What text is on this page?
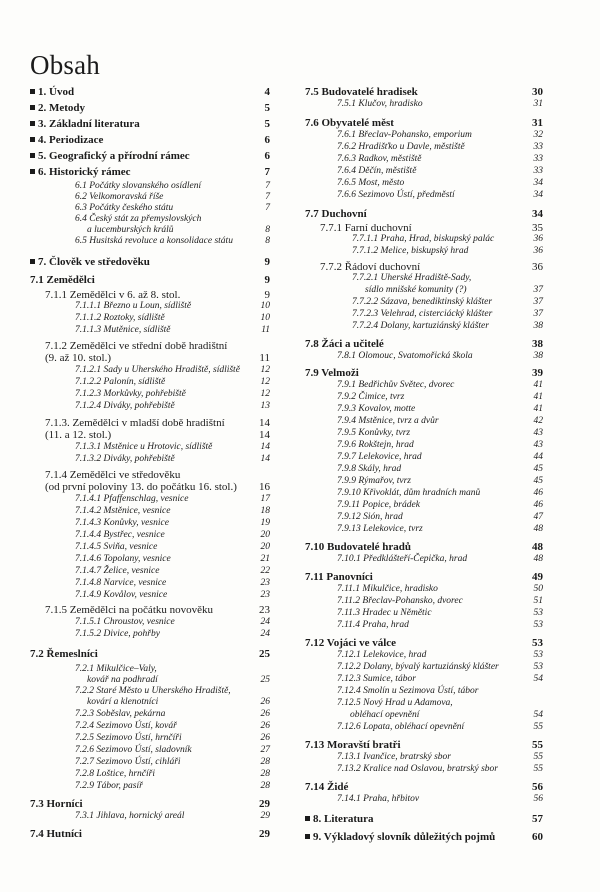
Obsah
1. Úvod	4
2. Metody	5
3. Základní literatura	5
4. Periodizace	6
5. Geografický a přírodní rámec	6
6. Historický rámec	7
6.1 Počátky slovanského osídlení	7
6.2 Velkomoravská říše	7
6.3 Počátky českého státu	7
6.4 Český stát za přemyslovských
a lucemburských králů	8
6.5 Husitská revoluce a konsolidace státu	8
7. Člověk ve středověku	9
7.1 Zemědělci	9
7.1.1 Zemědělci v 6. až 8. stol.	9
7.1.1.1 Březno u Loun, sídliště	10
7.1.1.2 Roztoky, sídliště	10
7.1.1.3 Mutěnice, sídliště	11
7.1.2 Zemědělci ve střední době hradištní
(9. až 10. stol.)	11
7.1.2.1 Sady u Uherského Hradiště, sídliště 12
7.1.2.2 Palonín, sídliště	12
7.1.2.3 Morkůvky, pohřebiště	12
7.1.2.4 Diváky, pohřebiště	13
7.1.3. Zemědělci v mladší době hradištní	14
(11. a 12. stol.)	14
7.1.3.1 Mstěnice u Hrotovic, sídliště	14
7.1.3.2 Diváky, pohřebiště	14
7.1.4 Zemědělci ve středověku
(od první poloviny 13. do počátku 16. stol.) 16
7.1.4.1 Pfaffenschlag, vesnice	17
7.1.4.2 Mstěnice, vesnice	18
7.1.4.3 Konůvky, vesnice	19
7.1.4.4 Bystřec, vesnice	20
7.1.4.5 Sviňa, vesnice	20
7.1.4.6 Topolany, vesnice	21
7.1.4.7 Želice, vesnice	22
7.1.4.8 Narvice, vesnice	23
7.1.4.9 Kovålov, vesnice	23
7.1.5 Zemědělci na počátku novověku	23
7.1.5.1 Chroustov, vesnice	24
7.1.5.2 Divice, pohřby	24
7.2 Řemeslníci	25
7.2.1 Mikulčice–Valy,
kovář na podhradí	25
7.2.2 Staré Město u Uherského Hradiště,
kovárí a klenotníci	26
7.2.3 Soběslav, pekárna	26
7.2.4 Sezimovo Ústí, kovář	26
7.2.5 Sezimovo Ústí, hrnčíři	26
7.2.6 Sezimovo Ústí, sladovník	27
7.2.7 Sezimovo Ústí, cihláři	28
7.2.8 Loštice, hrnčíři	28
7.2.9 Tábor, pasíř	28
7.3 Horníci	29
7.3.1 Jihlava, hornický areál	29
7.4 Hutníci	29
7.5 Budovatelé hradisek	30
7.5.1 Klučov, hradisko	31
7.6 Obyvatelé měst	31
7.6.1 Břeclav-Pohansko, emporium	32
7.6.2 Hradišťko u Davle, městiště	33
7.6.3 Radkov, městiště	33
7.6.4 Děčín, městiště	33
7.6.5 Most, město	34
7.6.6 Sezimovo Ústí, předměstí	34
7.7 Duchovní	34
7.7.1 Farní duchovní	35
7.7.1.1 Praha, Hrad, biskupský palác	36
7.7.1.2 Melice, biskupský hrad	36
7.7.2 Řádoví duchovní	36
7.7.2.1 Uherské Hradiště-Sady,
sídlo mnišské komunity (?)	37
7.7.2.2 Sázava, benediktinský klášter	37
7.7.2.3 Velehrad, cisterciácký klášter	37
7.7.2.4 Dolany, kartuziánský klášter	38
7.8 Žáci a učitelé	38
7.8.1 Olomouc, Svatomořická škola	38
7.9 Velmoži	39
7.9.1 Bedřichův Světec, dvorec	41
7.9.2 Čimice, tvrz	41
7.9.3 Kovalov, motte	41
7.9.4 Mstěnice, tvrz a dvůr	42
7.9.5 Konůvky, tvrz	43
7.9.6 Rokštejn, hrad	43
7.9.7 Lelekovice, hrad	44
7.9.8 Skály, hrad	45
7.9.9 Rýmařov, tvrz	45
7.9.10 Křivoklát, dům hradních manů	46
7.9.11 Popice, brádek	46
7.9.12 Sión, hrad	47
7.9.13 Lelekovice, tvrz	48
7.10 Budovatelé hradů	48
7.10.1 Předklášteří-Čepička, hrad	48
7.11 Panovníci	49
7.11.1 Mikulčice, hradisko	50
7.11.2 Břeclav-Pohansko, dvorec	51
7.11.3 Hradec u Němětic	53
7.11.4 Praha, hrad	53
7.12 Vojáci ve válce	53
7.12.1 Lelekovice, hrad	53
7.12.2 Dolany, bývalý kartuziánský klášter	53
7.12.3 Sumice, tábor	54
7.12.4 Smolín u Sezimova Ústí, tábor
7.12.5 Nový Hrad u Adamova,
obléhací opevnění	54
7.12.6 Lopata, obléhací opevnění	55
7.13 Moravští bratři	55
7.13.1 Ivančice, bratrský sbor	55
7.13.2 Kralice nad Oslavou, bratrský sbor	55
7.14 Židé	56
7.14.1 Praha, hřbitov	56
8. Literatura	57
9. Výkladový slovník důležitých pojmů	60
